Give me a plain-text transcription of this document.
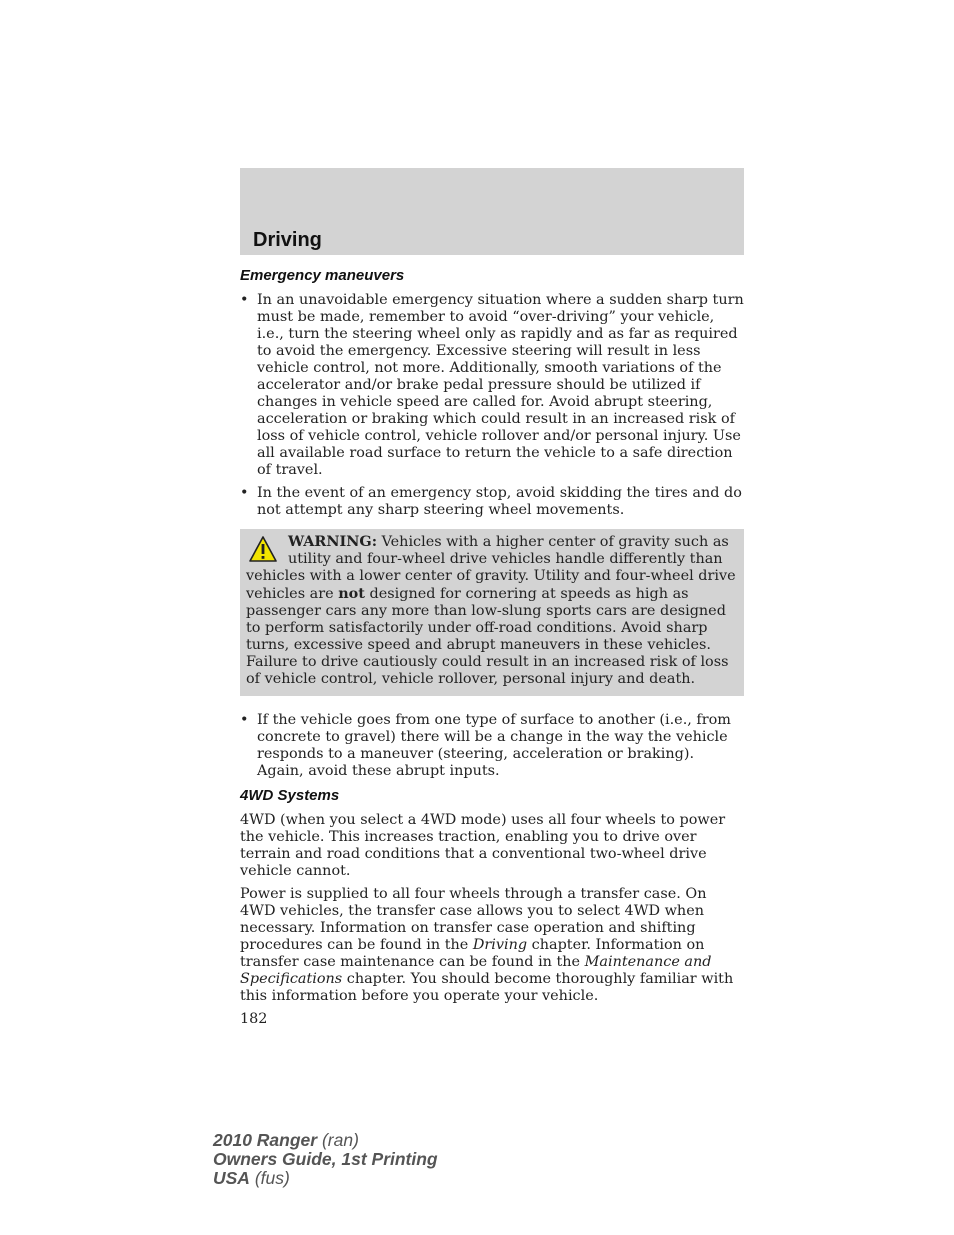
Driving
Emergency maneuvers
• In an unavoidable emergency situation where a sudden sharp turn must be made, remember to avoid “over-driving” your vehicle, i.e., turn the steering wheel only as rapidly and as far as required to avoid the emergency. Excessive steering will result in less vehicle control, not more. Additionally, smooth variations of the accelerator and/or brake pedal pressure should be utilized if changes in vehicle speed are called for. Avoid abrupt steering, acceleration or braking which could result in an increased risk of loss of vehicle control, vehicle rollover and/or personal injury. Use all available road surface to return the vehicle to a safe direction of travel.
• In the event of an emergency stop, avoid skidding the tires and do not attempt any sharp steering wheel movements.
WARNING: Vehicles with a higher center of gravity such as utility and four-wheel drive vehicles handle differently than vehicles with a lower center of gravity. Utility and four-wheel drive vehicles are not designed for cornering at speeds as high as passenger cars any more than low-slung sports cars are designed to perform satisfactorily under off-road conditions. Avoid sharp turns, excessive speed and abrupt maneuvers in these vehicles. Failure to drive cautiously could result in an increased risk of loss of vehicle control, vehicle rollover, personal injury and death.
• If the vehicle goes from one type of surface to another (i.e., from concrete to gravel) there will be a change in the way the vehicle responds to a maneuver (steering, acceleration or braking). Again, avoid these abrupt inputs.
4WD Systems

4WD (when you select a 4WD mode) uses all four wheels to power the vehicle. This increases traction, enabling you to drive over terrain and road conditions that a conventional two-wheel drive vehicle cannot.

Power is supplied to all four wheels through a transfer case. On 4WD vehicles, the transfer case allows you to select 4WD when necessary. Information on transfer case operation and shifting procedures can be found in the Driving chapter. Information on transfer case maintenance can be found in the Maintenance and Specifications chapter. You should become thoroughly familiar with this information before you operate your vehicle.

182
2010 Ranger (ran)
Owners Guide, 1st Printing
USA (fus)
